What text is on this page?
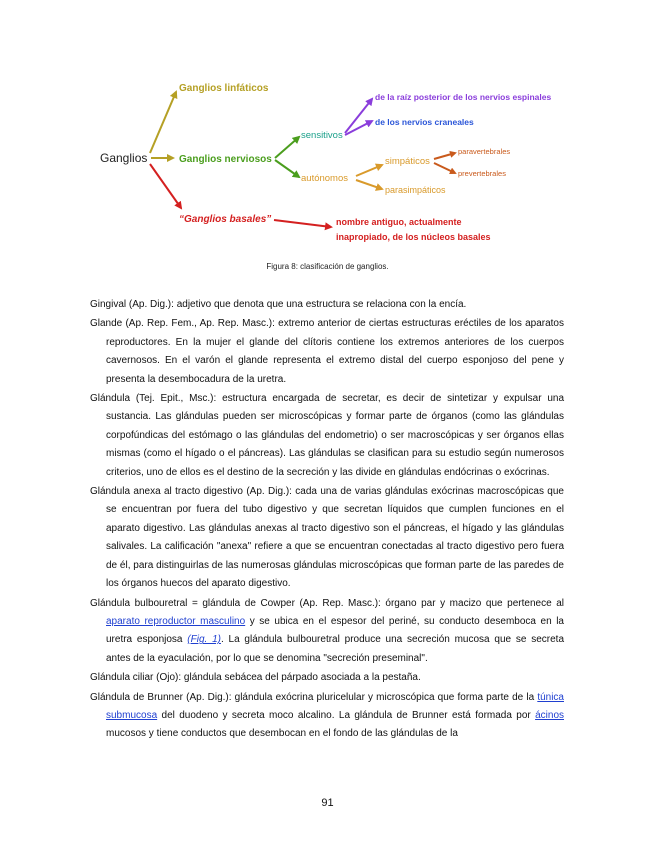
Ganglios
Ganglios linfáticos
Ganglios nerviosos
“Ganglios basales”
sensitivos
autónomos
de la raíz posterior de los nervios espinales
de los nervios craneales
simpáticos
parasimpáticos
paravertebrales
prevertebrales
nombre antiguo, actualmente
inapropiado, de los núcleos basales
Figura 8: clasificación de ganglios.

Gingival (Ap. Dig.): adjetivo que denota que una estructura se relaciona con la encía.

Glande (Ap. Rep. Fem., Ap. Rep. Masc.): extremo anterior de ciertas estructuras eréctiles de los aparatos reproductores. En la mujer el glande del clítoris contiene los extremos anteriores de los cuerpos cavernosos. En el varón el glande representa el extremo distal del cuerpo esponjoso del pene y presenta la desembocadura de la uretra.

Glándula (Tej. Epit., Msc.): estructura encargada de secretar, es decir de sintetizar y expulsar una sustancia. Las glándulas pueden ser microscópicas y formar parte de órganos (como las glándulas corpofúndicas del estómago o las glándulas del endometrio) o ser macroscópicas y ser órganos ellas mismas (como el hígado o el páncreas). Las glándulas se clasifican para su estudio según numerosos criterios, uno de ellos es el destino de la secreción y las divide en glándulas endócrinas o exócrinas.

Glándula anexa al tracto digestivo (Ap. Dig.): cada una de varias glándulas exócrinas macroscópicas que se encuentran por fuera del tubo digestivo y que secretan líquidos que cumplen funciones en el aparato digestivo. Las glándulas anexas al tracto digestivo son el páncreas, el hígado y las glándulas salivales. La calificación "anexa" refiere a que se encuentran conectadas al tracto digestivo pero fuera de él, para distinguirlas de las numerosas glándulas microscópicas que forman parte de las paredes de los órganos huecos del aparato digestivo.

Glándula bulbouretral = glándula de Cowper (Ap. Rep. Masc.): órgano par y macizo que pertenece al aparato reproductor masculino y se ubica en el espesor del periné, su conducto desemboca en la uretra esponjosa (Fig. 1). La glándula bulbouretral produce una secreción mucosa que se secreta antes de la eyaculación, por lo que se denomina "secreción preseminal".

Glándula ciliar (Ojo): glándula sebácea del párpado asociada a la pestaña.

Glándula de Brunner (Ap. Dig.): glándula exócrina pluricelular y microscópica que forma parte de la túnica submucosa del duodeno y secreta moco alcalino. La glándula de Brunner está formada por ácinos mucosos y tiene conductos que desembocan en el fondo de las glándulas de la

91
